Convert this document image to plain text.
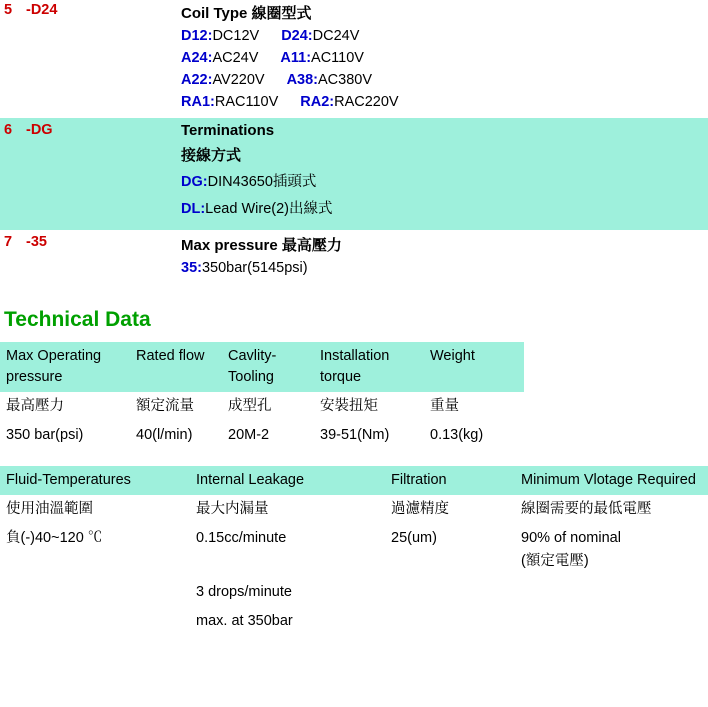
5 -D24	Coil Type 線圈型式
D12:DC12V D24:DC24V
A24:AC24V A11:AC110V
A22:AV220V A38:AC380V
RA1:RAC110V RA2:RAC220V
6 -DG	Terminations
接線方式
DG:DIN43650插頭式
DL:Lead Wire(2)出線式
7 -35	Max pressure 最高壓力
35:350bar(5145psi)
Technical Data
Max Operating pressure	Rated flow	Cavlity-Tooling	Installation torque	Weight	
最高壓力	額定流量	成型孔	安裝扭矩	重量	
350 bar(psi)	40(l/min)	20M-2	39-51(Nm)	0.13(kg)	
Fluid-Temperatures	Internal Leakage	Filtration	Minimum Vlotage Required
使用油溫範圍	最大内漏量	過濾精度	線圈需要的最低電壓
負(-)40~120 ℃	0.15cc/minute	25(um)	90% of nominal
(額定電壓)

	3 drops/minute		
	max. at 350bar		
